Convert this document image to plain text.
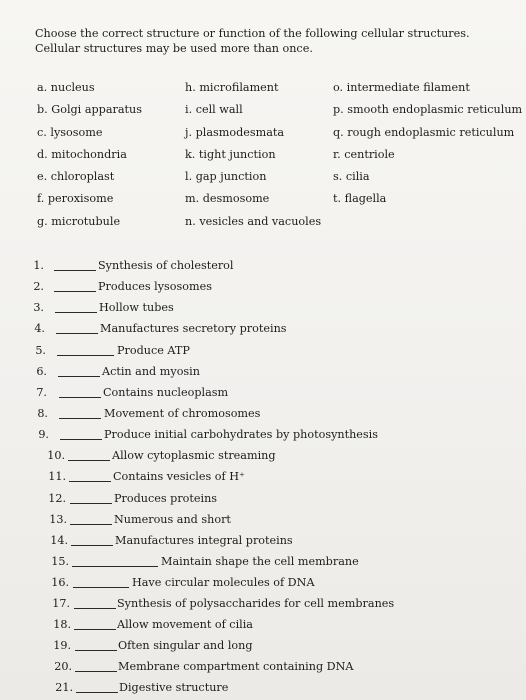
Choose the correct structure or function of the following cellular structures. Cellular structures may be used more than once.
a. nucleus
b. Golgi apparatus
c. lysosome
d. mitochondria
e. chloroplast
f. peroxisome
g. microtubule
h. microfilament
i. cell wall
j. plasmodesmata
k. tight junction
l. gap junction
m. desmosome
n. vesicles and vacuoles
o. intermediate filament
p. smooth endoplasmic reticulum
q. rough endoplasmic reticulum
r. centriole
s. cilia
t. flagella
1.	Synthesis of cholesterol
2.	Produces lysosomes
3.	Hollow tubes
4.	Manufactures secretory proteins
5.	Produce ATP
6.	Actin and myosin
7.	Contains nucleoplasm
8.	Movement of chromosomes
9.	Produce initial carbohydrates by photosynthesis
10.	Allow cytoplasmic streaming
11.	Contains vesicles of H⁺
12.	Produces proteins
13.	Numerous and short
14.	Manufactures integral proteins
15.	Maintain shape the cell membrane
16.	Have circular molecules of DNA
17.	Synthesis of polysaccharides for cell membranes
18.	Allow movement of cilia
19.	Often singular and long
20.	Membrane compartment containing DNA
21.	Digestive structure
